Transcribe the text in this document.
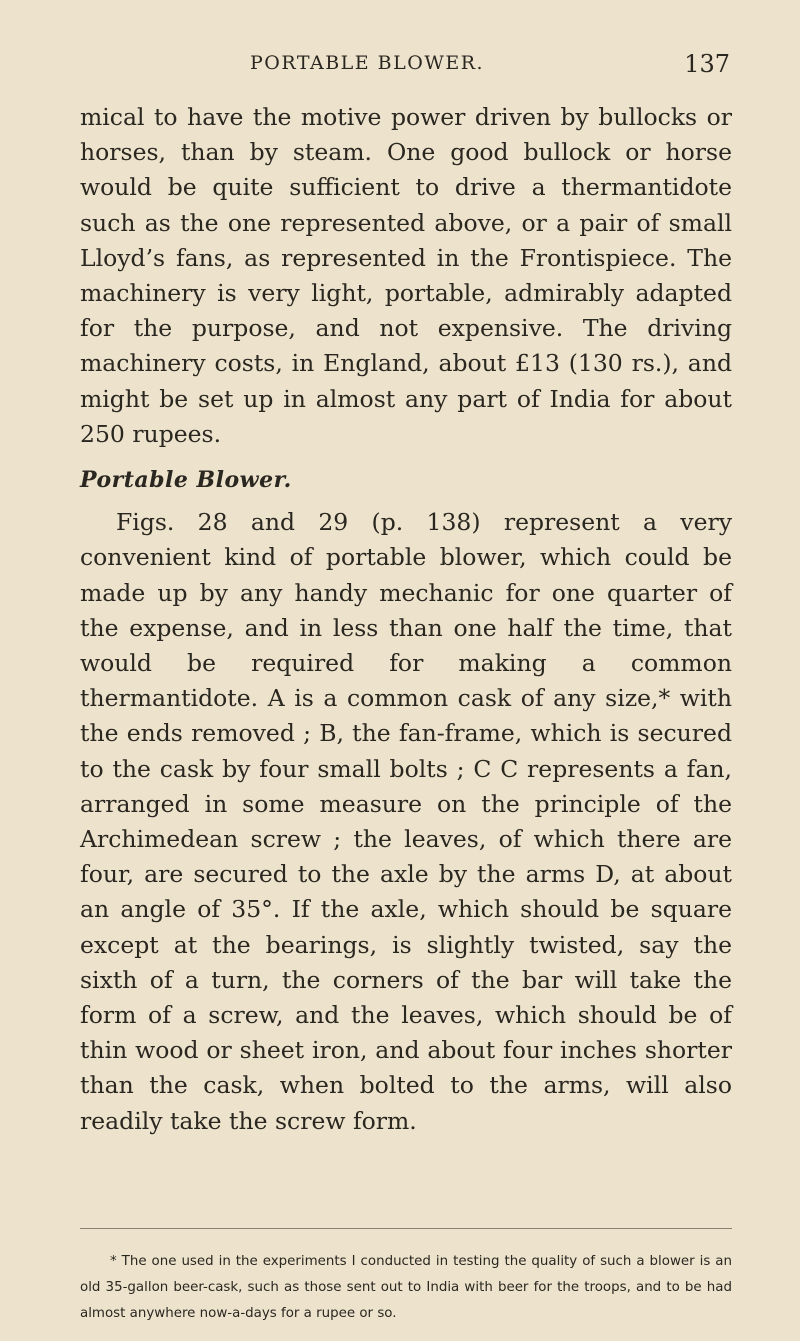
PORTABLE BLOWER.	137

mical to have the motive power driven by bullocks or horses, than by steam. One good bullock or horse would be quite sufficient to drive a thermantidote such as the one represented above, or a pair of small Lloyd’s fans, as represented in the Frontispiece. The machinery is very light, portable, admirably adapted for the purpose, and not expensive. The driving machinery costs, in England, about £13 (130 rs.), and might be set up in almost any part of India for about 250 rupees.

Portable Blower.

Figs. 28 and 29 (p. 138) represent a very convenient kind of portable blower, which could be made up by any handy mechanic for one quarter of the expense, and in less than one half the time, that would be required for making a common thermantidote. A is a common cask of any size,* with the ends removed ; B, the fan-frame, which is secured to the cask by four small bolts ; C C represents a fan, arranged in some measure on the principle of the Archimedean screw ; the leaves, of which there are four, are secured to the axle by the arms D, at about an angle of 35°. If the axle, which should be square except at the bearings, is slightly twisted, say the sixth of a turn, the corners of the bar will take the form of a screw, and the leaves, which should be of thin wood or sheet iron, and about four inches shorter than the cask, when bolted to the arms, will also readily take the screw form.

* The one used in the experiments I conducted in testing the quality of such a blower is an old 35-gallon beer-cask, such as those sent out to India with beer for the troops, and to be had almost anywhere now-a-days for a rupee or so.
